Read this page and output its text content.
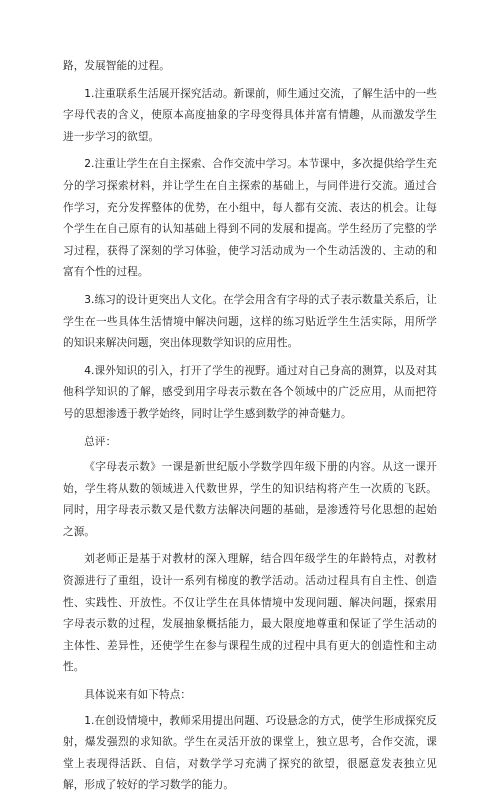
路，发展智能的过程。

1.注重联系生活展开探究活动。新课前，师生通过交流，了解生活中的一些字母代表的含义，使原本高度抽象的字母变得具体并富有情趣，从而激发学生进一步学习的欲望。

2.注重让学生在自主探索、合作交流中学习。本节课中，多次提供给学生充分的学习探索材料，并让学生在自主探索的基础上，与同伴进行交流。通过合作学习，充分发挥整体的优势，在小组中，每人都有交流、表达的机会。让每个学生在自己原有的认知基础上得到不同的发展和提高。学生经历了完整的学习过程，获得了深刻的学习体验，使学习活动成为一个生动活泼的、主动的和富有个性的过程。

3.练习的设计更突出人文化。在学会用含有字母的式子表示数量关系后，让学生在一些具体生活情境中解决问题，这样的练习贴近学生生活实际，用所学的知识来解决问题，突出体现数学知识的应用性。

4.课外知识的引入，打开了学生的视野。通过对自己身高的测算，以及对其他科学知识的了解，感受到用字母表示数在各个领域中的广泛应用，从而把符号的思想渗透于教学始终，同时让学生感到数学的神奇魅力。

总评：

《字母表示数》一课是新世纪版小学数学四年级下册的内容。从这一课开始，学生将从数的领域进入代数世界，学生的知识结构将产生一次质的飞跃。同时，用字母表示数又是代数方法解决问题的基础，是渗透符号化思想的起始之源。

刘老师正是基于对教材的深入理解，结合四年级学生的年龄特点，对教材资源进行了重组，设计一系列有梯度的教学活动。活动过程具有自主性、创造性、实践性、开放性。不仅让学生在具体情境中发现问题、解决问题，探索用字母表示数的过程，发展抽象概括能力，最大限度地尊重和保证了学生活动的主体性、差异性，还使学生在参与课程生成的过程中具有更大的创造性和主动性。

具体说来有如下特点：

1.在创设情境中，教师采用提出问题、巧设悬念的方式，使学生形成探究反射，爆发强烈的求知欲。学生在灵活开放的课堂上，独立思考，合作交流，课堂上表现得活跃、自信，对数学学习充满了探究的欲望，很愿意发表独立见解，形成了较好的学习数学的能力。
